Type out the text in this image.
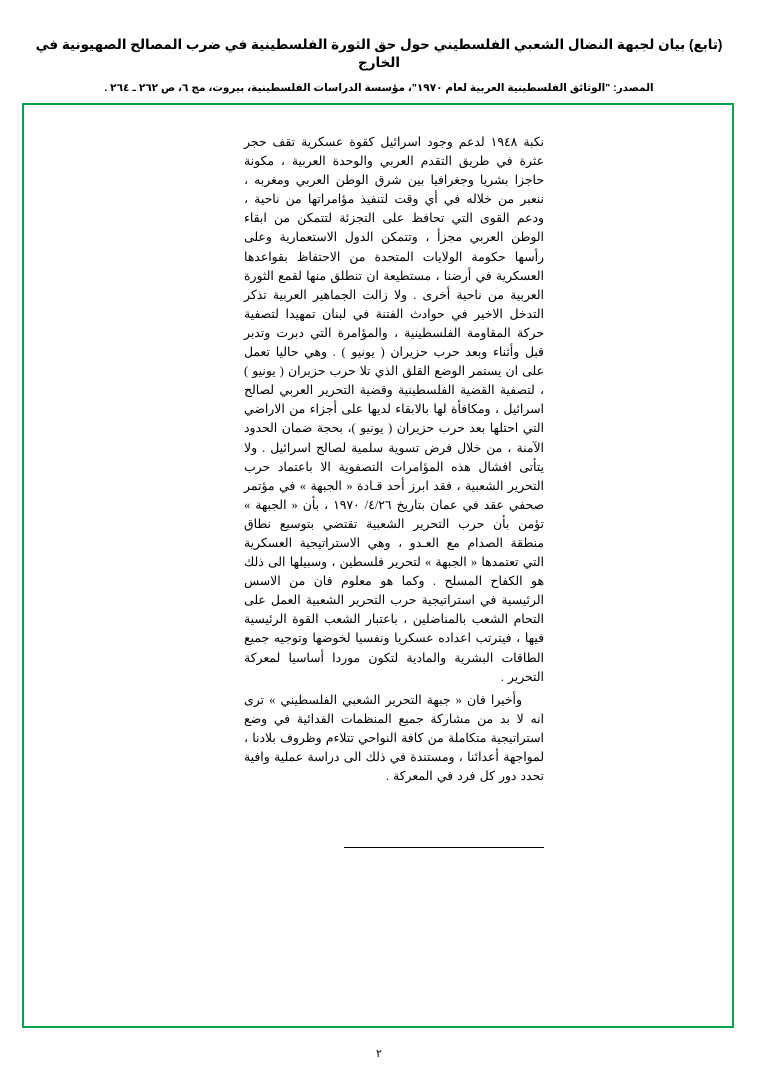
(تابع) بيان لجبهة النضال الشعبي الفلسطيني حول حق الثورة الفلسطينية في ضرب المصالح الصهيونية في الخارج
المصدر: "الوثائق الفلسطينية العربية لعام ١٩٧٠"، مؤسسة الدراسات الفلسطينية، بيروت، مج ٦، ص ٢٦٢ ـ ٢٦٤ .

نكبة ١٩٤٨ لدعم وجود اسرائيل كقوة عسكرية تقف حجر عثرة في طريق التقدم العربي والوحدة العربية ، مكونة حاجزا بشريا وجغرافيا بين شرق الوطن العربي ومغربه ، ننعبر من خلاله في أي وقت لتنفيذ مؤامراتها من ناحية ، ودعم القوى التي تحافظ على التجزئة لتتمكن من ابقاء الوطن العربي مجزأ ، وتتمكن الدول الاستعمارية وعلى رأسها حكومة الولايات المتحدة من الاحتفاظ بقواعدها العسكرية في أرضنا ، مستطيعة ان تنطلق منها لقمع الثورة العربية من ناحية أخرى . ولا زالت الجماهير العربية تذكر التدخل الاخير في حوادث الفتنة في لبنان تمهيدا لتصفية حركة المقاومة الفلسطينية ، والمؤامرة التي دبرت وتدبر قبل وأثناء وبعد حرب حزيران ( يونيو ) . وهي حاليا تعمل على ان يستمر الوضع القلق الذي تلا حرب حزيران ( يونيو ) ، لتصفية القضية الفلسطينية وقضية التحرير العربي لصالح اسرائيل ، ومكافأة لها بالابقاء لديها على أجزاء من الاراضي التي احتلها بعد حرب حزيران ( يونيو )، بحجة ضمان الحدود الآمنة ، من خلال فرض تسوية سلمية لصالح اسرائيل . ولا يتأتى افشال هذه المؤامرات التصفوية الا باعتماد حرب التحرير الشعبية ، فقد ابرز أحد قـادة « الجبهة » في مؤتمر صحفي عقد في عمان بتاريخ ٤/٢٦/ ١٩٧٠ ، بأن « الجبهة » تؤمن بأن حرب التحرير الشعبية تقتضي بتوسيع نطاق منطقة الصدام مع العـدو ، وهي الاستراتيجية العسكرية التي تعتمدها « الجبهة » لتحرير فلسطين ، وسبيلها الى ذلك هو الكفاح المسلح . وكما هو معلوم فان من الاسس الرئيسية في استراتيجية حرب التحرير الشعبية العمل على التحام الشعب بالمناضلين ، باعتبار الشعب القوة الرئيسية فيها ، فيترتب اعداده عسكريا ونفسيا لخوضها وتوجيه جميع الطاقات البشرية والمادية لتكون موردا أساسيا لمعركة التحرير .

وأخيرا فان « جبهة التحرير الشعبي الفلسطيني » ترى انه لا بد من مشاركة جميع المنظمات الفدائية في وضع استراتيجية متكاملة من كافة النواحي تتلاءم وظروف بلادنا ، لمواجهة أعدائنا ، ومستندة في ذلك الى دراسة عملية وافية تحدد دور كل فرد في المعركة .

٢
